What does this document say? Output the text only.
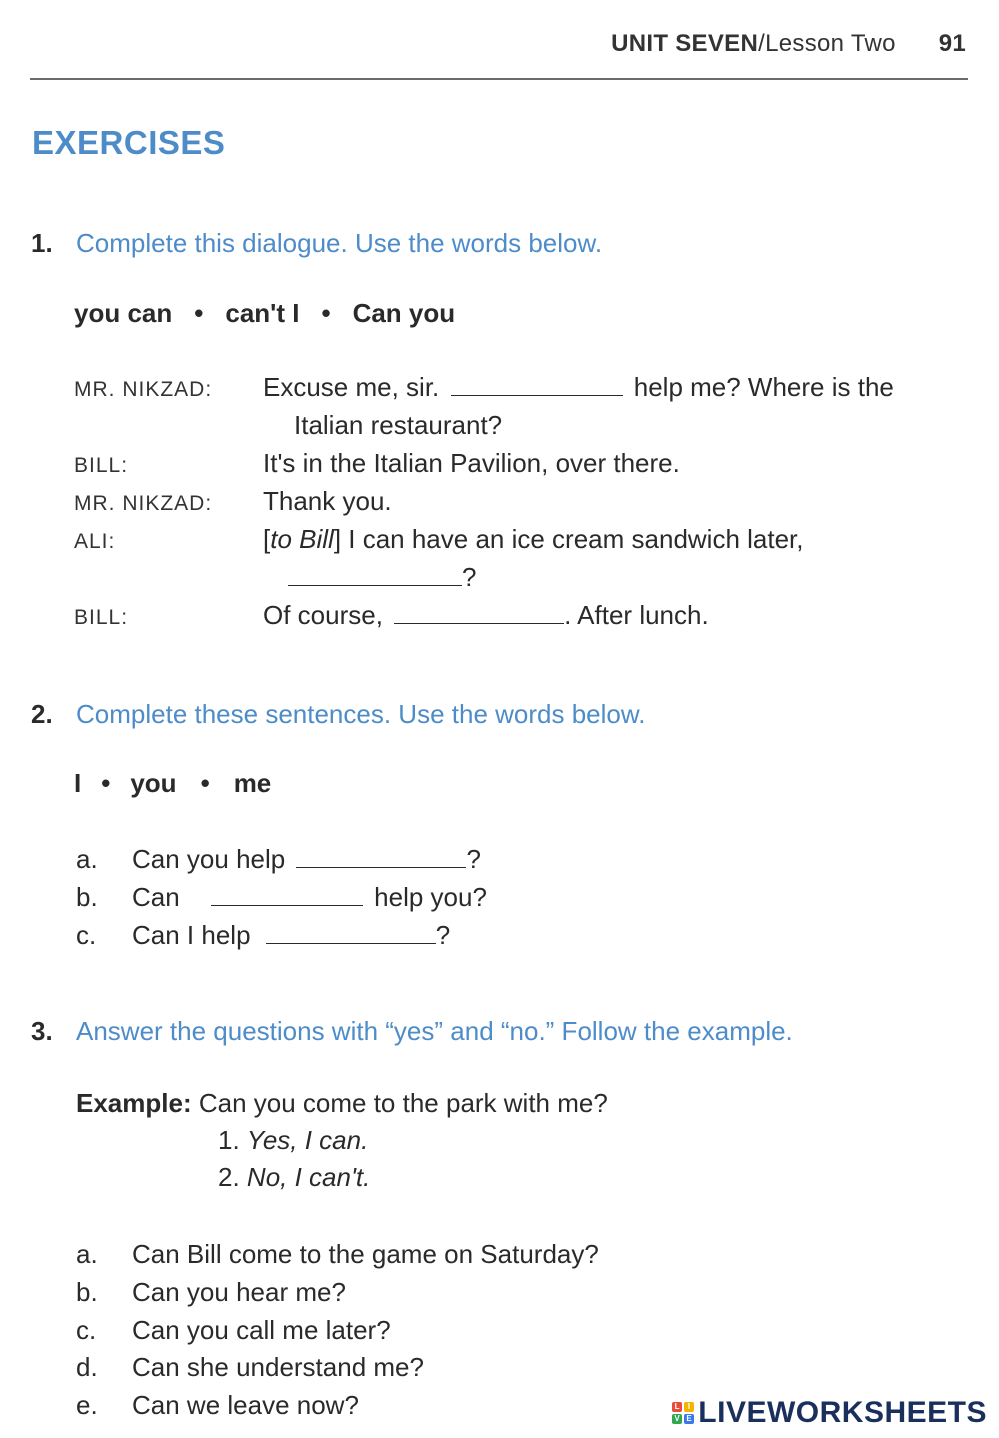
UNIT SEVEN/Lesson Two 91
EXERCISES
1. Complete this dialogue. Use the words below.
you can • can't I • Can you
MR. NIKZAD: Excuse me, sir.	help me? Where is the
Italian restaurant?
BILL:	It's in the Italian Pavilion, over there.
MR. NIKZAD: Thank you.
ALI:	[to Bill] I can have an ice cream sandwich later,
?
BILL:	Of course,	. After lunch.
2. Complete these sentences. Use the words below.
I • you • me
a. Can you help	?
b. Can	help you?
c. Can I help	?
3. Answer the questions with “yes” and “no.” Follow the example.
Example: Can you come to the park with me?
1. Yes, I can.
2. No, I can't.
a. Can Bill come to the game on Saturday?
b. Can you hear me?
c. Can you call me later?
d. Can she understand me?
e. Can we leave now?	L I
V E LIVEWORKSHEETS
